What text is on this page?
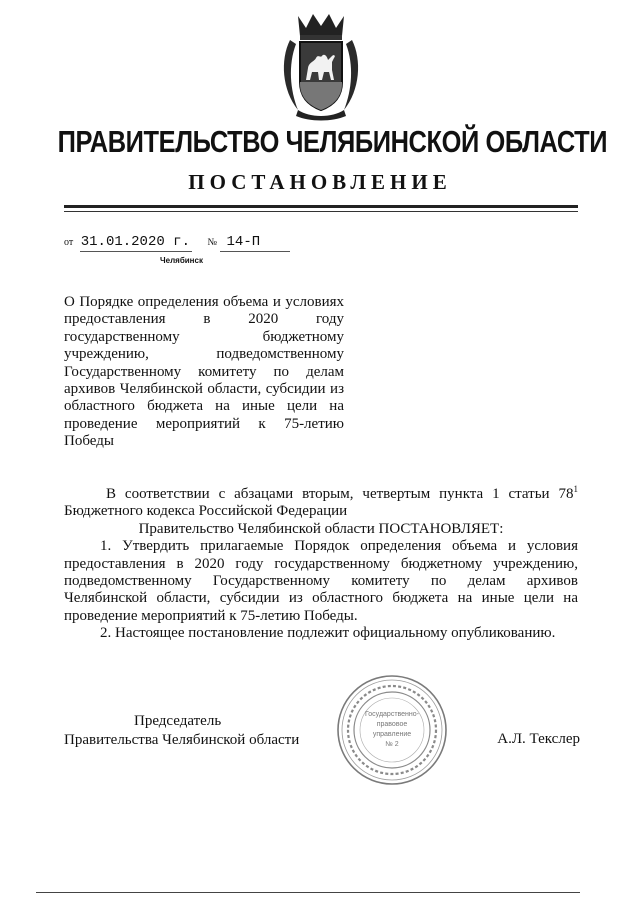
ПРАВИТЕЛЬСТВО ЧЕЛЯБИНСКОЙ ОБЛАСТИ
ПОСТАНОВЛЕНИЕ
от 31.01.2020 г. № 14-П
Челябинск
О Порядке определения объема и условиях
предоставления в 2020 году
государственному бюджетному
учреждению, подведомственному
Государственному комитету по делам
архивов Челябинской области, субсидии из
областного бюджета на иные цели на
проведение мероприятий к 75-летию
Победы
В соответствии с абзацами вторым, четвертым пункта 1 статьи $78^1$
Бюджетного кодекса Российской Федерации
Правительство Челябинской области ПОСТАНОВЛЯЕТ:
1. Утвердить прилагаемые Порядок определения объема и условия
предоставления в 2020 году государственному бюджетному учреждению,
подведомственному Государственному комитету по делам архивов
Челябинской области, субсидии из областного бюджета на иные цели на
проведение мероприятий к 75-летию Победы.
2. Настоящее постановление подлежит официальному опубликованию.
Государственно-
правовое
управление
№ 2
Председатель
Правительства Челябинской области	А.Л. Текслер
